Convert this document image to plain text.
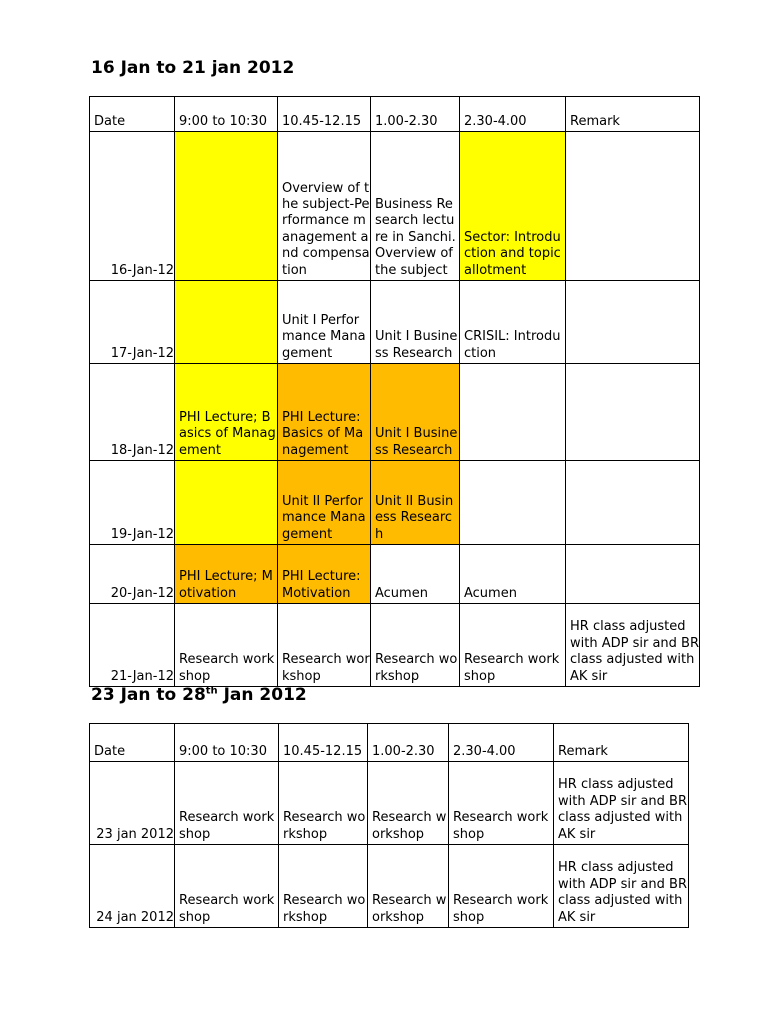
16 Jan to 21 jan 2012
Date	9:00 to 10:30	10.45-12.15	1.00-2.30	2.30-4.00	Remark
16-Jan-12		Overview of the subject-Performance management and compensation	Business Research lecture in Sanchi. Overview of the subject	Sector: Introduction and topic allotment	
17-Jan-12		Unit I Performance Management	Unit I Business Research	CRISIL: Introduction	
18-Jan-12	PHI Lecture; Basics of Management	PHI Lecture: Basics of Management	Unit I Business Research		
19-Jan-12		Unit II Performance Management	Unit II Business Research		
20-Jan-12	PHI Lecture; Motivation	PHI Lecture: Motivation	Acumen	Acumen	
21-Jan-12	Research workshop	Research workshop	Research workshop	Research workshop	HR class adjusted with ADP sir and BR class adjusted with AK sir
23 Jan to 28th Jan 2012
Date	9:00 to 10:30	10.45-12.15	1.00-2.30	2.30-4.00	Remark
23 jan 2012	Research workshop	Research workshop	Research workshop	Research workshop	HR class adjusted with ADP sir and BR class adjusted with AK sir
24 jan 2012	Research workshop	Research workshop	Research workshop	Research workshop	HR class adjusted with ADP sir and BR class adjusted with AK sir
